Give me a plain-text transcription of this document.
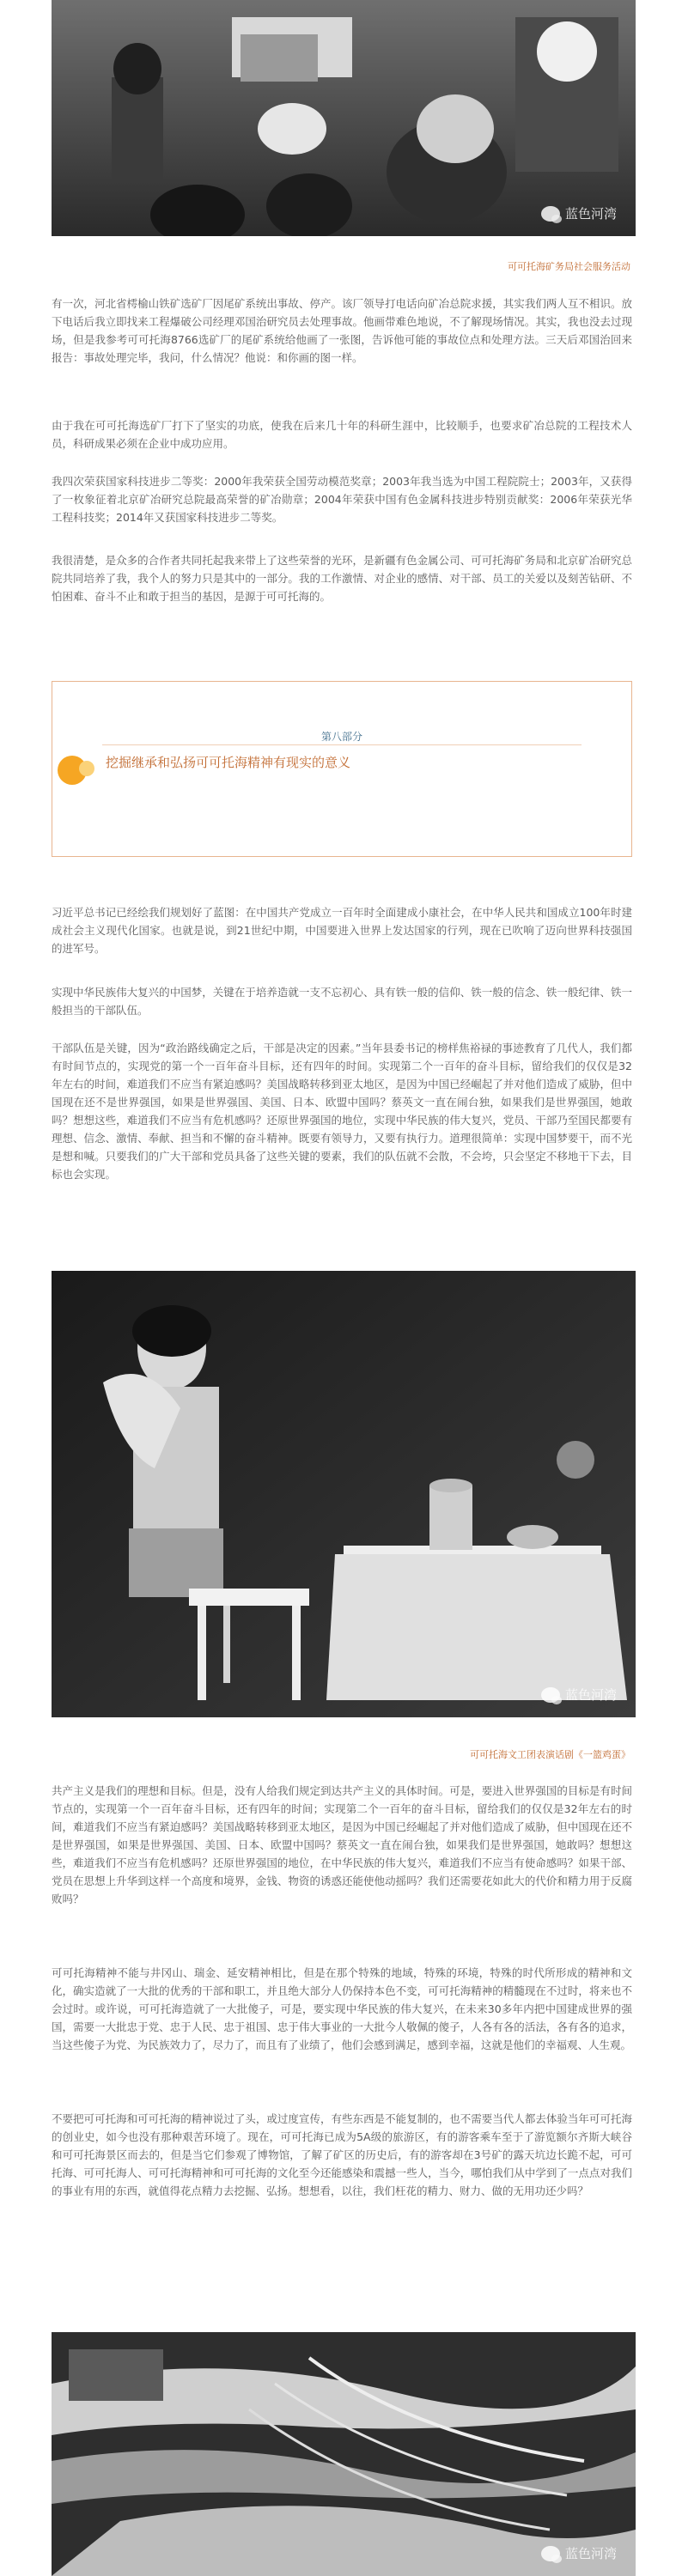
蓝色河湾
可可托海矿务局社会服务活动

有一次，河北省樗榆山铁矿选矿厂因尾矿系统出事故、停产。该厂领导打电话向矿冶总院求援，其实我们两人互不相识。放下电话后我立即找来工程爆破公司经理邓国治研究员去处理事故。他画带难色地说，不了解现场情况。其实，我也没去过现场，但是我参考可可托海8766选矿厂的尾矿系统给他画了一张图，告诉他可能的事故位点和处理方法。三天后邓国治回来报告：事故处理完毕，我问，什么情况？他说：和你画的图一样。

由于我在可可托海选矿厂打下了坚实的功底，使我在后来几十年的科研生涯中，比较顺手，也要求矿冶总院的工程技术人员，科研成果必须在企业中成功应用。

我四次荣获国家科技进步二等奖：2000年我荣获全国劳动模范奖章；2003年我当选为中国工程院院士；2003年，又获得了一枚象征着北京矿冶研究总院最高荣誉的矿冶勋章；2004年荣获中国有色金属科技进步特别贡献奖：2006年荣获光华工程科技奖；2014年又获国家科技进步二等奖。

我很清楚，是众多的合作者共同托起我来带上了这些荣誉的光环，是新疆有色金属公司、可可托海矿务局和北京矿冶研究总院共同培养了我，我个人的努力只是其中的一部分。我的工作激情、对企业的感情、对干部、员工的关爱以及刻苦钻研、不怕困难、奋斗不止和敢于担当的基因，是源于可可托海的。

第八部分
挖掘继承和弘扬可可托海精神有现实的意义

习近平总书记已经绘我们规划好了蓝图：在中国共产党成立一百年时全面建成小康社会，在中华人民共和国成立100年时建成社会主义现代化国家。也就是说，到21世纪中期，中国要进入世界上发达国家的行列，现在已吹响了迈向世界科技强国的进军号。

实现中华民族伟大复兴的中国梦，关键在于培养造就一支不忘初心、具有铁一般的信仰、铁一般的信念、铁一般纪律、铁一般担当的干部队伍。

干部队伍是关键，因为“政治路线确定之后，干部是决定的因素。”当年县委书记的榜样焦裕禄的事迹教育了几代人，我们都有时间节点的，实现党的第一个一百年奋斗目标，还有四年的时间。实现第二个一百年的奋斗目标，留给我们的仅仅是32年左右的时间，难道我们不应当有紧迫感吗？美国战略转移到亚太地区，是因为中国已经崛起了并对他们造成了威胁，但中国现在还不是世界强国，如果是世界强国、美国、日本、欧盟中国吗？蔡英文一直在闹台独，如果我们是世界强国，她敢吗？想想这些，难道我们不应当有危机感吗？还原世界强国的地位，实现中华民族的伟大复兴，党员、干部乃至国民都要有理想、信念、激情、奉献、担当和不懈的奋斗精神。既要有领导力，又要有执行力。道理很简单：实现中国梦要干，而不光是想和喊。只要我们的广大干部和党员具备了这些关键的要素，我们的队伍就不会散，不会垮，只会坚定不移地干下去，目标也会实现。

蓝色河湾
可可托海文工团表演话剧《一篮鸡蛋》

共产主义是我们的理想和目标。但是，没有人给我们规定到达共产主义的具体时间。可是，要进入世界强国的目标是有时间节点的，实现第一个一百年奋斗目标，还有四年的时间；实现第二个一百年的奋斗目标，留给我们的仅仅是32年左右的时间，难道我们不应当有紧迫感吗？美国战略转移到亚太地区，是因为中国已经崛起了并对他们造成了威胁，但中国现在还不是世界强国，如果是世界强国、美国、日本、欧盟中国吗？蔡英文一直在闹台独，如果我们是世界强国，她敢吗？想想这些，难道我们不应当有危机感吗？还原世界强国的地位，在中华民族的伟大复兴，难道我们不应当有使命感吗？如果干部、党员在思想上升华到这样一个高度和境界，金钱、物资的诱惑还能使他动摇吗？我们还需要花如此大的代价和精力用于反腐败吗？

可可托海精神不能与井冈山、瑞金、延安精神相比，但是在那个特殊的地域，特殊的环境，特殊的时代所形成的精神和文化，确实造就了一大批的优秀的干部和职工，并且绝大部分人仍保持本色不变，可可托海精神的精髓现在不过时，将来也不会过时。或许说，可可托海造就了一大批傻子，可是，要实现中华民族的伟大复兴，在未来30多年内把中国建成世界的强国，需要一大批忠于党、忠于人民、忠于祖国、忠于伟大事业的一大批今人敬佩的傻子，人各有各的活法，各有各的追求，当这些傻子为党、为民族效力了，尽力了，而且有了业绩了，他们会感到满足，感到幸福，这就是他们的幸福观、人生观。

不要把可可托海和可可托海的精神说过了头，或过度宣传，有些东西是不能复制的，也不需要当代人都去体验当年可可托海的创业史，如今也没有那种艰苦环境了。现在，可可托海已成为5A级的旅游区，有的游客乘车至于了游览额尔齐斯大峡谷和可可托海景区而去的，但是当它们参观了博物馆，了解了矿区的历史后，有的游客却在3号矿的露天坑边长跪不起，可可托海、可可托海人、可可托海精神和可可托海的文化至今还能感染和震撼一些人，当今，哪怕我们从中学到了一点点对我们的事业有用的东西，就值得花点精力去挖掘、弘扬。想想看，以往，我们枉花的精力、财力、做的无用功还少吗？

蓝色河湾
